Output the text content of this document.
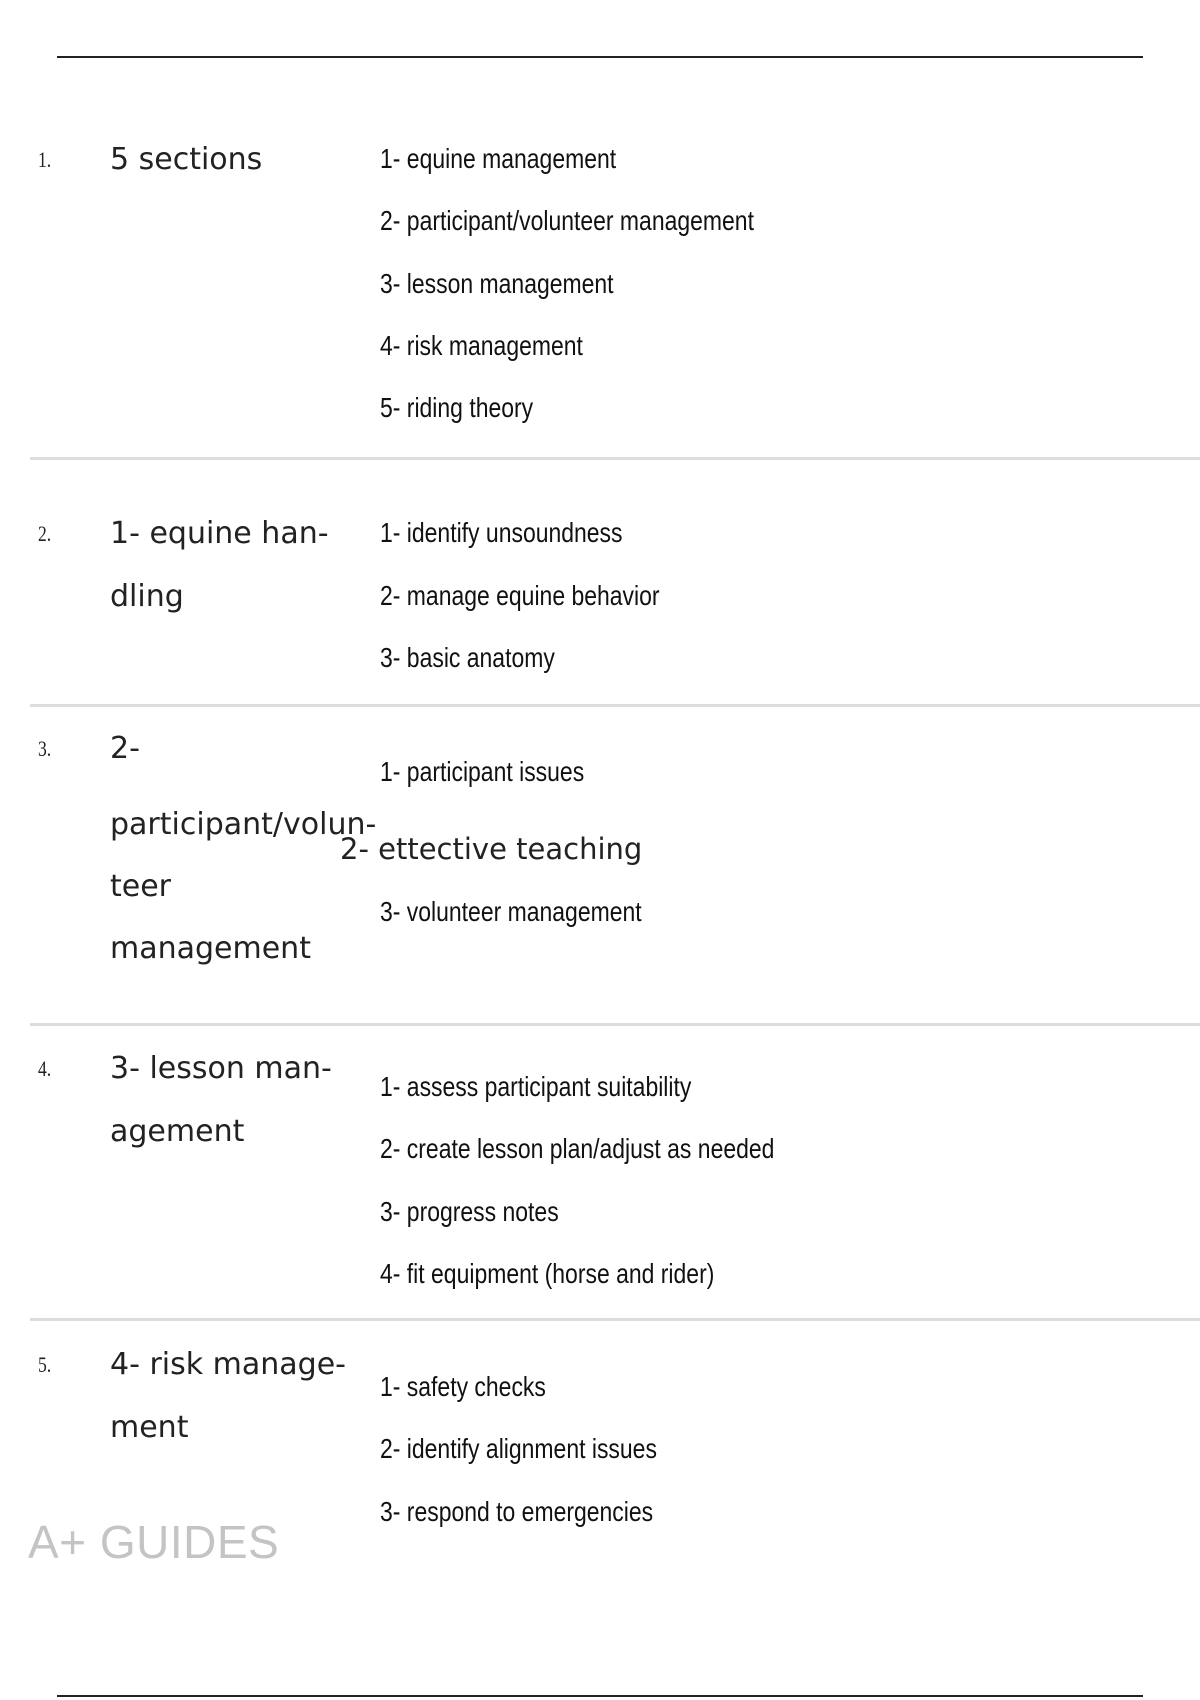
1. 5 sections	1- equine management
2- participant/volunteer management
3- lesson management
4- risk management
5- riding theory
2. 1- equine han-
dling
1- identify unsoundness
2- manage equine behavior
3- basic anatomy
3. 2-
participant/volun-
teer
management
1- participant issues
2- ettective teaching
3- volunteer management
4. 3- lesson man-
agement
1- assess participant suitability
2- create lesson plan/adjust as needed
3- progress notes
4- fit equipment (horse and rider)
5. 4- risk manage-
ment
1- safety checks
2- identify alignment issues
3- respond to emergencies
A+ GUIDES
